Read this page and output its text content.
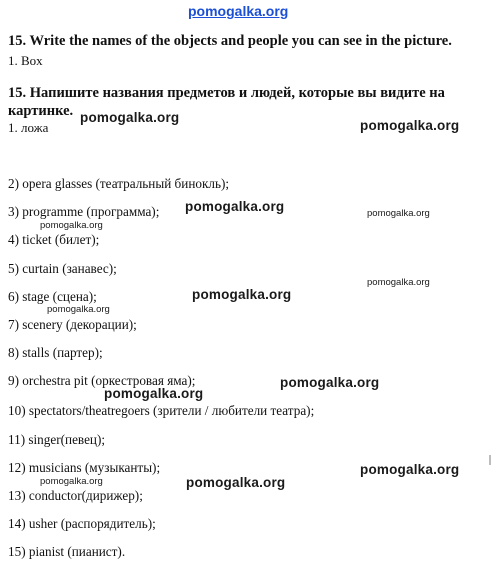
pomogalka.org
15. Write the names of the objects and people you can see in the picture.
1. Box
15. Напишите названия предметов и людей, которые вы видите на
картинке.
1. ложа
2) opera glasses (театральный бинокль);
3) programme (программа);
4) ticket (билет);
5) curtain (занавес);
6) stage (сцена);
7) scenery (декорации);
8) stalls (партер);
9) orchestra pit (оркестровая яма);
10) spectators/theatregoers (зрители / любители театра);
11) singer(певец);
12) musicians (музыканты);
13) conductor(дирижер);
14) usher (распорядитель);
15) pianist (пианист).
pomogalka.org
pomogalka.org
pomogalka.org	pomogalka.org
pomogalka.org
pomogalka.org
pomogalka.org
pomogalka.org
pomogalka.org
pomogalka.org
pomogalka.org
pomogalka.org	pomogalka.org
